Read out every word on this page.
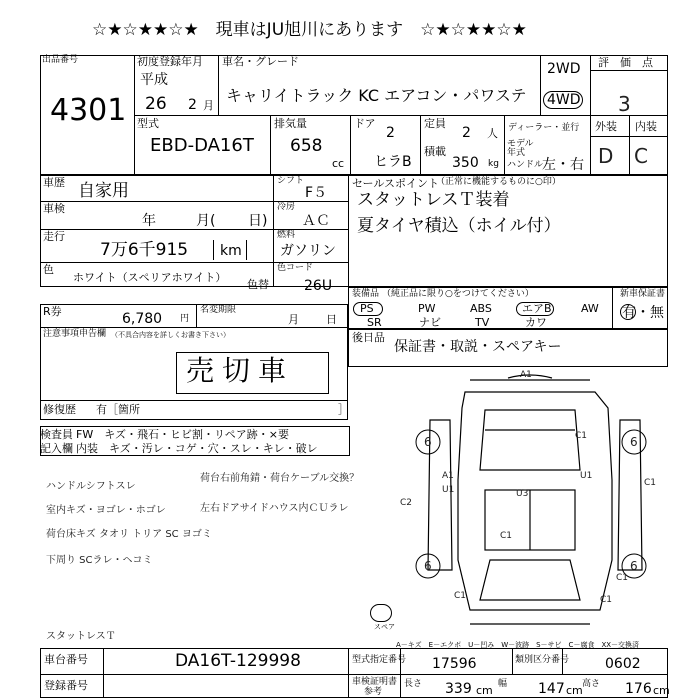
☆★☆★★☆★　現車はJU旭川にあります　☆★☆★★☆★
出品番号
4301
初度登録年月
平成
26 2 月
車名・グレード
キャリイトラック KC エアコン・パワステ
2WD
4WD
評　価　点
3
型式
EBD-DA16T
排気量
658
cc
ドア
2
ヒラB
定員
2 人
積載
350 kg
ディーラー・並行
モデル
年式
ハンドル
左・右
外装 内装
D C
車歴 自家用	シフト
F５
車検
年	月( 日)
冷房
ＡＣ
走行
7万6千915 km
燃料
ガソリン
色
ホワイト（スペリアホワイト）
色替
色コード
26U
セールスポイント
（正常に機能するものに○印）
スタットレスＴ装着
夏タイヤ積込（ホイル付）
R券	6,780 円
名変期限
月 日
注意事項申告欄 （不具合内容を詳しくお書き下さい）
売切車
修復歴 有［箇所	］
装備品 （純正品に限り○をつけてください）
PS	PW	ABS	エアB	AW
SR	ナビ	TV	カワ
新車保証書
有・無
後日品
保証書・取説・スペアキー
検査員
記入欄
FW　キズ・飛石・ヒビ割・リペア跡・×要
内装　キズ・汚レ・コゲ・穴・スレ・キレ・破レ
ハンドルシフトスレ
室内キズ・ヨゴレ・ホゴレ
荷台床キズ タオリ トリア SC ヨゴミ
下周り SCラレ・ヘコミ
スタットレスＴ
荷台右前角錆・荷台ケーブル交換？
左右ドアサイドハウス内ＣＵラレ
A1
A1
U1
U1
U3
C2
C1
C1	C1
C1
C1
C1
6	6
6	6
スペア
A－キズ　E－エクボ　U－凹み　W－波跡　S－サビ　C－腐食　XX－交換済
車台番号	DA16T-129998
登録番号
型式指定番号 17596	類別区分番号	0602
車検証明書
参考
長さ 339 cm 幅 147 cm 高さ 176 cm
